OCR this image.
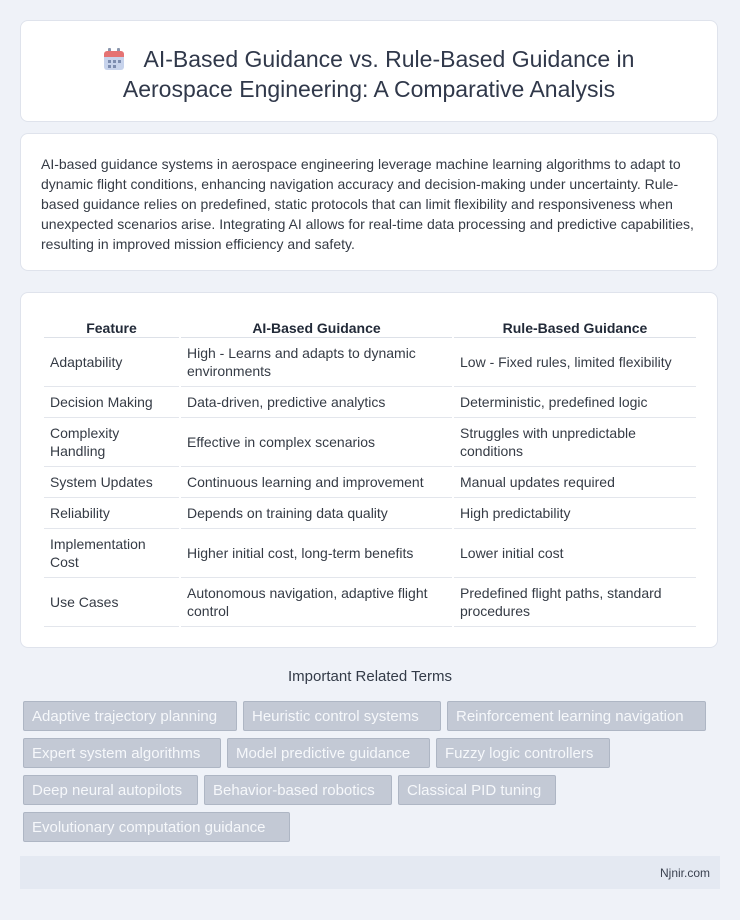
AI-Based Guidance vs. Rule-Based Guidance in
Aerospace Engineering: A Comparative Analysis

AI-based guidance systems in aerospace engineering leverage machine learning algorithms to adapt to dynamic flight conditions, enhancing navigation accuracy and decision-making under uncertainty. Rule-based guidance relies on predefined, static protocols that can limit flexibility and responsiveness when unexpected scenarios arise. Integrating AI allows for real-time data processing and predictive capabilities, resulting in improved mission efficiency and safety.

Feature	AI-Based Guidance	Rule-Based Guidance
Adaptability	High - Learns and adapts to dynamic environments	Low - Fixed rules, limited flexibility
Decision Making	Data-driven, predictive analytics	Deterministic, predefined logic
Complexity Handling	Effective in complex scenarios	Struggles with unpredictable conditions
System Updates	Continuous learning and improvement	Manual updates required
Reliability	Depends on training data quality	High predictability
Implementation Cost	Higher initial cost, long-term benefits	Lower initial cost
Use Cases	Autonomous navigation, adaptive flight control	Predefined flight paths, standard procedures
Important Related Terms
Adaptive trajectory planning	Heuristic control systems	Reinforcement learning navigation
Expert system algorithms	Model predictive guidance	Fuzzy logic controllers
Deep neural autopilots	Behavior-based robotics	Classical PID tuning
Evolutionary computation guidance
Njnir.com
